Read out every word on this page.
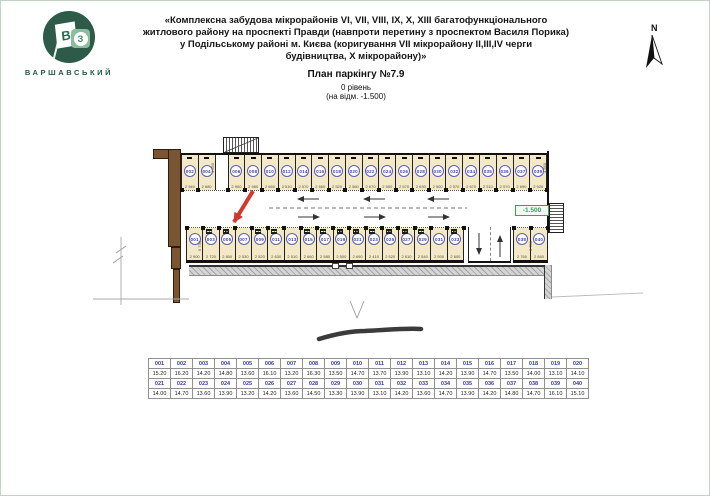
В З
ВАРШАВСЬКИЙ
«Комплексна забудова мікрорайонів VI, VII, VIII, IX, X, XIII багатофункціонального
житлового району на проспекті Правди (навпроти перетину з проспектом Василя Порика)
у Подільському районі м. Києва (коригування VII мікрорайону II,III,IV черги
будівництва, X мікрорайону)»
План паркінгу №7.9
0 рівень
(на відм. -1.500)
N
002
2 940
004
2 680
006
2 900
008
2 960
010
2 660
012
2 510
014
2 570
016
2 660
018
2 520
020
2 560
022
2 670
024
2 500
026
2 570
028
2 630
030
2 500
032
2 570
034
2 670
035
2 510
036
2 570
037
2 690
039
2 920
001
2 900
003
2 720
005
2 800
007
2 530
009
2 520
011
2 630
013
2 510
015
2 660
017
2 580
019
2 500
021
2 690
023
2 410
025
2 520
027
2 610
029
2 540
031
2 500
033
2 600
038
2 760
040
2 840
-1.500
1 550
5 730
4 550
5 750
001	002	003	004	005	006	007	008	009	010	011	012	013	014	015	016	017	018	019	020
15.20	16.20	14.20	14.80	13.60	16.10	13.20	16.30	13.50	14.70	13.70	13.90	13.10	14.20	13.90	14.70	13.50	14.00	13.10	14.10
021	022	023	024	025	026	027	028	029	030	031	032	033	034	035	036	037	038	039	040
14.00	14.70	13.60	13.90	13.20	14.20	13.60	14.50	13.30	13.90	13.10	14.20	13.60	14.70	13.90	14.20	14.80	14.70	16.10	15.10
